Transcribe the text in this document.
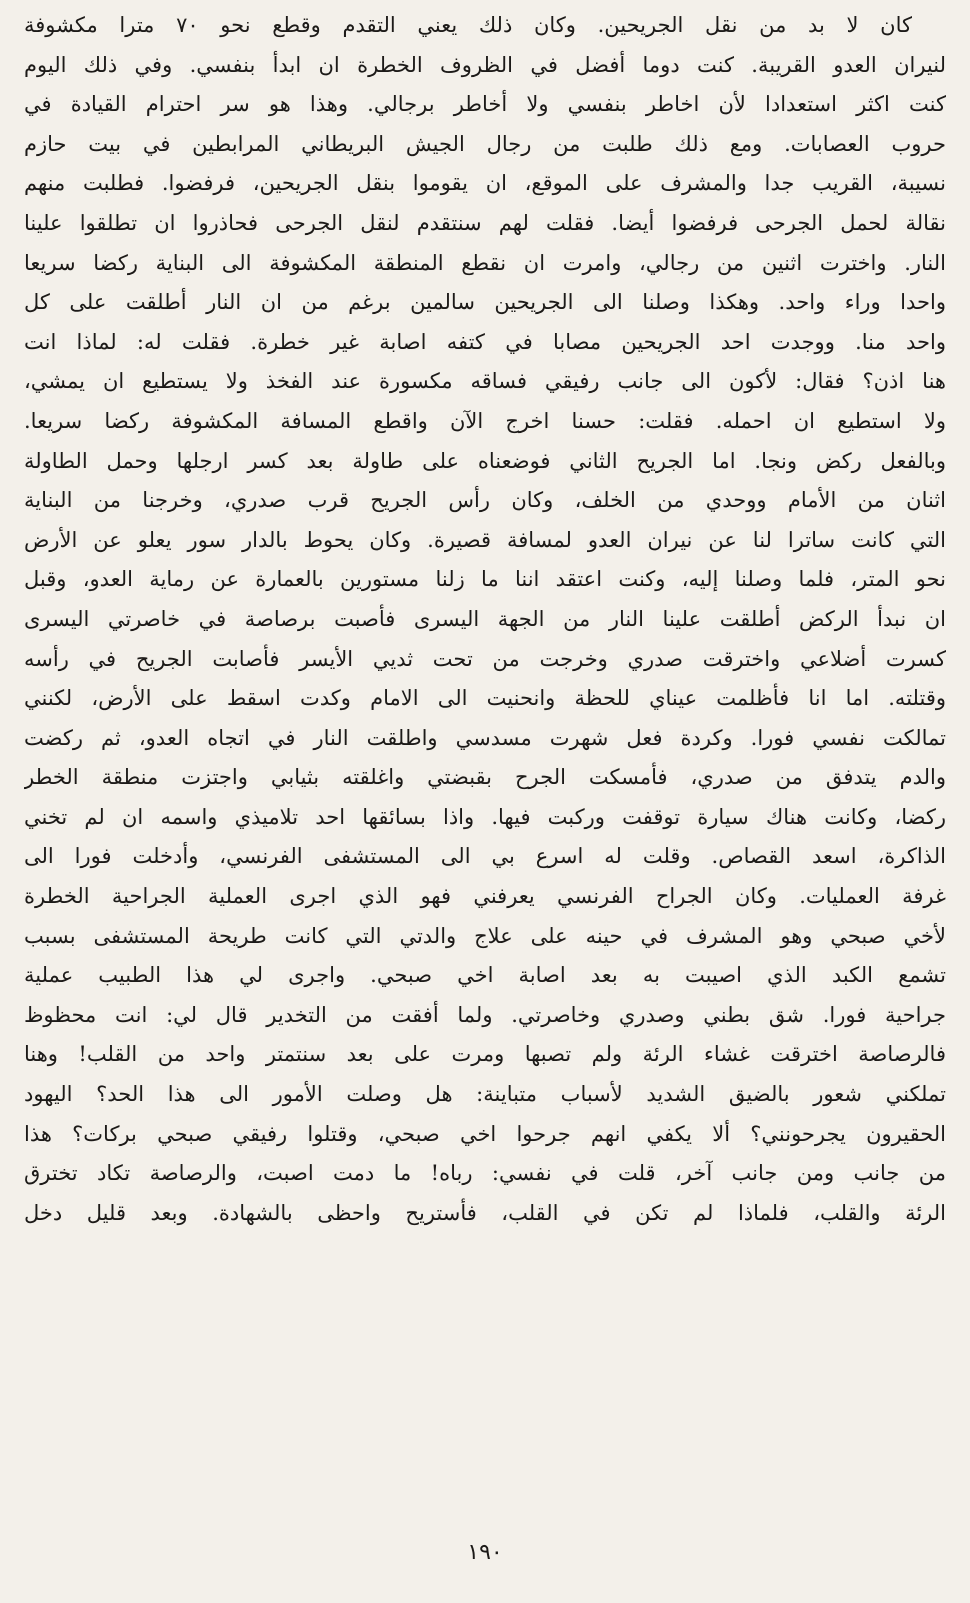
كان لا بد من نقل الجريحين. وكان ذلك يعني التقدم وقطع نحو ٧٠ مترا مكشوفة
لنيران العدو القريبة. كنت دوما أفضل في الظروف الخطرة ان ابدأ بنفسي. وفي ذلك اليوم
كنت اكثر استعدادا لأن اخاطر بنفسي ولا أخاطر برجالي. وهذا هو سر احترام القيادة في
حروب العصابات. ومع ذلك طلبت من رجال الجيش البريطاني المرابطين في بيت حازم
نسيبة، القريب جدا والمشرف على الموقع، ان يقوموا بنقل الجريحين، فرفضوا. فطلبت منهم
نقالة لحمل الجرحى فرفضوا أيضا. فقلت لهم سنتقدم لنقل الجرحى فحاذروا ان تطلقوا علينا
النار. واخترت اثنين من رجالي، وامرت ان نقطع المنطقة المكشوفة الى البناية ركضا سريعا
واحدا وراء واحد. وهكذا وصلنا الى الجريحين سالمين برغم من ان النار أطلقت على كل
واحد منا. ووجدت احد الجريحين مصابا في كتفه اصابة غير خطرة. فقلت له: لماذا انت
هنا اذن؟ فقال: لأكون الى جانب رفيقي فساقه مكسورة عند الفخذ ولا يستطيع ان يمشي،
ولا استطيع ان احمله. فقلت: حسنا اخرج الآن واقطع المسافة المكشوفة ركضا سريعا.
وبالفعل ركض ونجا. اما الجريح الثاني فوضعناه على طاولة بعد كسر ارجلها وحمل الطاولة
اثنان من الأمام ووحدي من الخلف، وكان رأس الجريح قرب صدري، وخرجنا من البناية
التي كانت ساترا لنا عن نيران العدو لمسافة قصيرة. وكان يحوط بالدار سور يعلو عن الأرض
نحو المتر، فلما وصلنا إليه، وكنت اعتقد اننا ما زلنا مستورين بالعمارة عن رماية العدو، وقبل
ان نبدأ الركض أطلقت علينا النار من الجهة اليسرى فأصبت برصاصة في خاصرتي اليسرى
كسرت أضلاعي واخترقت صدري وخرجت من تحت ثديي الأيسر فأصابت الجريح في رأسه
وقتلته. اما انا فأظلمت عيناي للحظة وانحنيت الى الامام وكدت اسقط على الأرض، لكنني
تمالكت نفسي فورا. وكردة فعل شهرت مسدسي واطلقت النار في اتجاه العدو، ثم ركضت
والدم يتدفق من صدري، فأمسكت الجرح بقبضتي واغلقته بثيابي واجتزت منطقة الخطر
ركضا، وكانت هناك سيارة توقفت وركبت فيها. واذا بسائقها احد تلاميذي واسمه ان لم تخني
الذاكرة، اسعد القصاص. وقلت له اسرع بي الى المستشفى الفرنسي، وأدخلت فورا الى
غرفة العمليات. وكان الجراح الفرنسي يعرفني فهو الذي اجرى العملية الجراحية الخطرة
لأخي صبحي وهو المشرف في حينه على علاج والدتي التي كانت طريحة المستشفى بسبب
تشمع الكبد الذي اصيبت به بعد اصابة اخي صبحي. واجرى لي هذا الطبيب عملية
جراحية فورا. شق بطني وصدري وخاصرتي. ولما أفقت من التخدير قال لي: انت محظوظ
فالرصاصة اخترقت غشاء الرئة ولم تصبها ومرت على بعد سنتمتر واحد من القلب! وهنا
تملكني شعور بالضيق الشديد لأسباب متباينة: هل وصلت الأمور الى هذا الحد؟ اليهود
الحقيرون يجرحونني؟ ألا يكفي انهم جرحوا اخي صبحي، وقتلوا رفيقي صبحي بركات؟ هذا
من جانب ومن جانب آخر، قلت في نفسي: رباه! ما دمت اصبت، والرصاصة تكاد تخترق
الرئة والقلب، فلماذا لم تكن في القلب، فأستريح واحظى بالشهادة. وبعد قليل دخل
١٩٠
